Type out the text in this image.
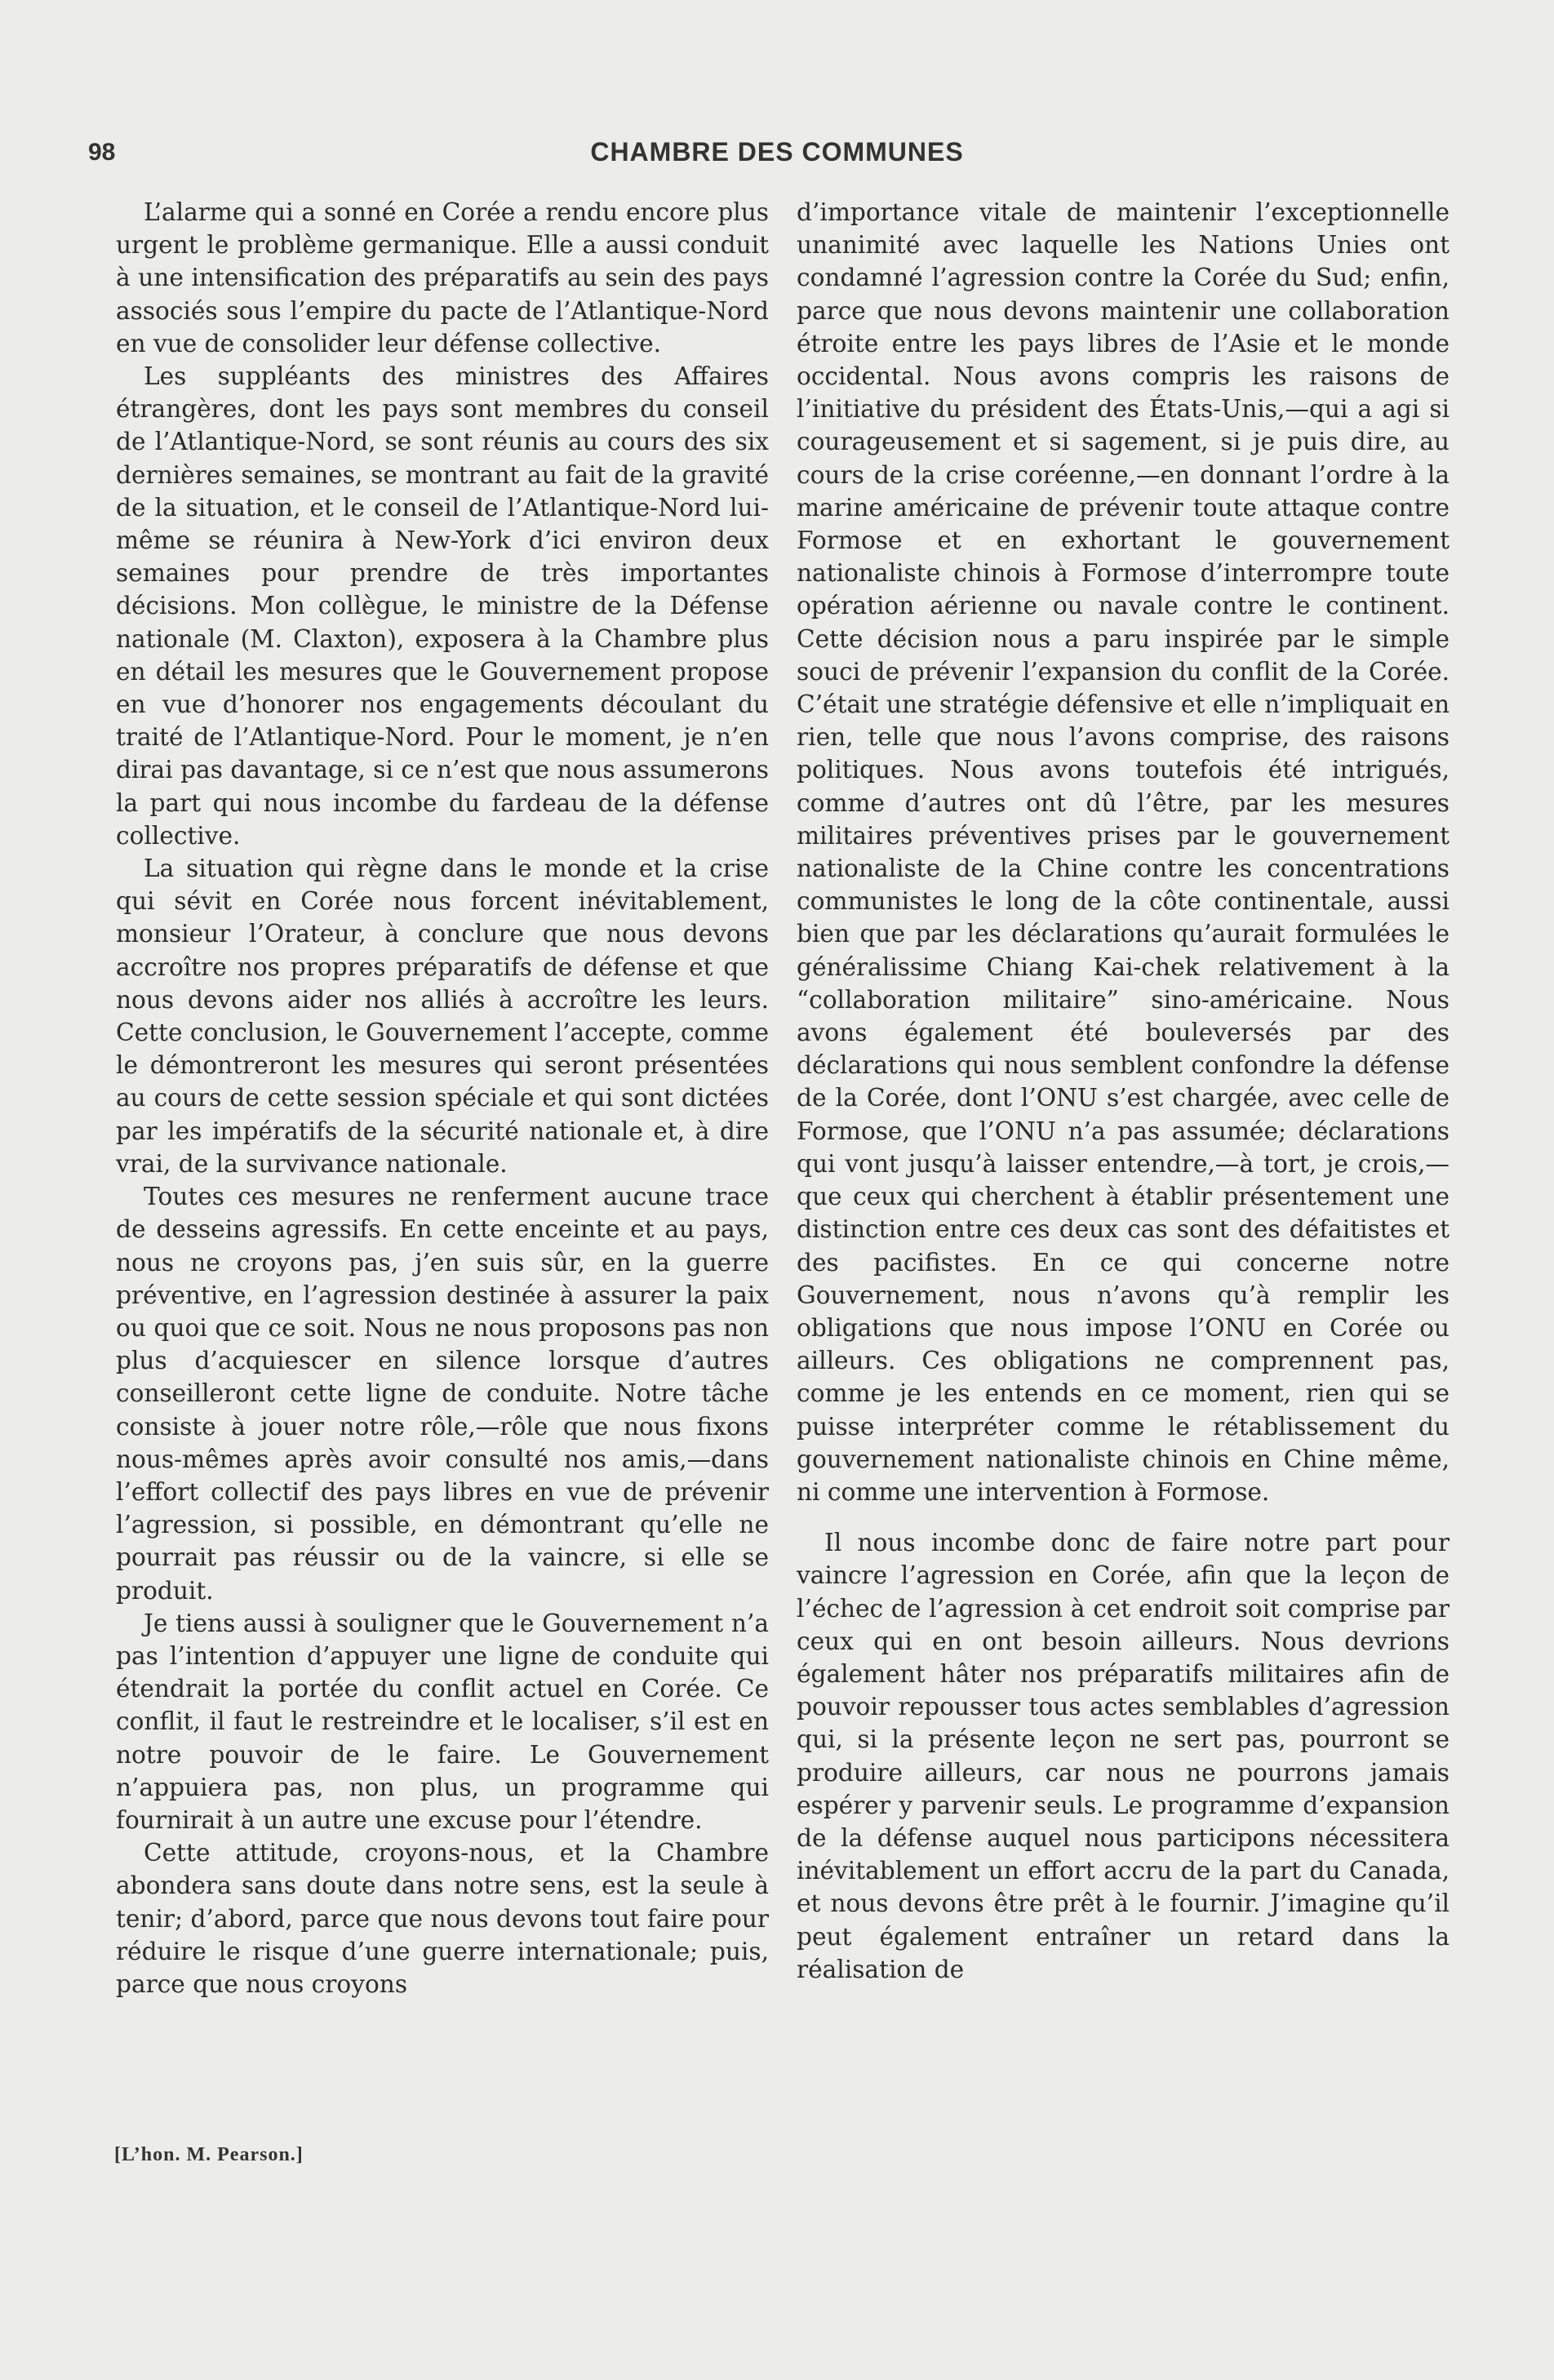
98	CHAMBRE DES COMMUNES

L’alarme qui a sonné en Corée a rendu encore plus urgent le problème germanique. Elle a aussi conduit à une intensification des préparatifs au sein des pays associés sous l’empire du pacte de l’Atlantique-Nord en vue de consolider leur défense collective.

Les suppléants des ministres des Affaires étrangères, dont les pays sont membres du conseil de l’Atlantique-Nord, se sont réunis au cours des six dernières semaines, se montrant au fait de la gravité de la situation, et le conseil de l’Atlantique-Nord lui-même se réunira à New-York d’ici environ deux semaines pour prendre de très importantes décisions. Mon collègue, le ministre de la Défense nationale (M. Claxton), exposera à la Chambre plus en détail les mesures que le Gouvernement propose en vue d’honorer nos engagements découlant du traité de l’Atlantique-Nord. Pour le moment, je n’en dirai pas davantage, si ce n’est que nous assumerons la part qui nous incombe du fardeau de la défense collective.

La situation qui règne dans le monde et la crise qui sévit en Corée nous forcent inévitablement, monsieur l’Orateur, à conclure que nous devons accroître nos propres préparatifs de défense et que nous devons aider nos alliés à accroître les leurs. Cette conclusion, le Gouvernement l’accepte, comme le démontreront les mesures qui seront présentées au cours de cette session spéciale et qui sont dictées par les impératifs de la sécurité nationale et, à dire vrai, de la survivance nationale.

Toutes ces mesures ne renferment aucune trace de desseins agressifs. En cette enceinte et au pays, nous ne croyons pas, j’en suis sûr, en la guerre préventive, en l’agression destinée à assurer la paix ou quoi que ce soit. Nous ne nous proposons pas non plus d’acquiescer en silence lorsque d’autres conseilleront cette ligne de conduite. Notre tâche consiste à jouer notre rôle,—rôle que nous fixons nous-mêmes après avoir consulté nos amis,—dans l’effort collectif des pays libres en vue de prévenir l’agression, si possible, en démontrant qu’elle ne pourrait pas réussir ou de la vaincre, si elle se produit.

Je tiens aussi à souligner que le Gouvernement n’a pas l’intention d’appuyer une ligne de conduite qui étendrait la portée du conflit actuel en Corée. Ce conflit, il faut le restreindre et le localiser, s’il est en notre pouvoir de le faire. Le Gouvernement n’appuiera pas, non plus, un programme qui fournirait à un autre une excuse pour l’étendre.

Cette attitude, croyons-nous, et la Chambre abondera sans doute dans notre sens, est la seule à tenir; d’abord, parce que nous devons tout faire pour réduire le risque d’une guerre internationale; puis, parce que nous croyons

d’importance vitale de maintenir l’exceptionnelle unanimité avec laquelle les Nations Unies ont condamné l’agression contre la Corée du Sud; enfin, parce que nous devons maintenir une collaboration étroite entre les pays libres de l’Asie et le monde occidental. Nous avons compris les raisons de l’initiative du président des États-Unis,—qui a agi si courageusement et si sagement, si je puis dire, au cours de la crise coréenne,—en donnant l’ordre à la marine américaine de prévenir toute attaque contre Formose et en exhortant le gouvernement nationaliste chinois à Formose d’interrompre toute opération aérienne ou navale contre le continent. Cette décision nous a paru inspirée par le simple souci de prévenir l’expansion du conflit de la Corée. C’était une stratégie défensive et elle n’impliquait en rien, telle que nous l’avons comprise, des raisons politiques. Nous avons toutefois été intrigués, comme d’autres ont dû l’être, par les mesures militaires préventives prises par le gouvernement nationaliste de la Chine contre les concentrations communistes le long de la côte continentale, aussi bien que par les déclarations qu’aurait formulées le généralissime Chiang Kai-chek relativement à la “collaboration militaire” sino-américaine. Nous avons également été bouleversés par des déclarations qui nous semblent confondre la défense de la Corée, dont l’ONU s’est chargée, avec celle de Formose, que l’ONU n’a pas assumée; déclarations qui vont jusqu’à laisser entendre,—à tort, je crois,—que ceux qui cherchent à établir présentement une distinction entre ces deux cas sont des défaitistes et des pacifistes. En ce qui concerne notre Gouvernement, nous n’avons qu’à remplir les obligations que nous impose l’ONU en Corée ou ailleurs. Ces obligations ne comprennent pas, comme je les entends en ce moment, rien qui se puisse interpréter comme le rétablissement du gouvernement nationaliste chinois en Chine même, ni comme une intervention à Formose.

Il nous incombe donc de faire notre part pour vaincre l’agression en Corée, afin que la leçon de l’échec de l’agression à cet endroit soit comprise par ceux qui en ont besoin ailleurs. Nous devrions également hâter nos préparatifs militaires afin de pouvoir repousser tous actes semblables d’agression qui, si la présente leçon ne sert pas, pourront se produire ailleurs, car nous ne pourrons jamais espérer y parvenir seuls. Le programme d’expansion de la défense auquel nous participons nécessitera inévitablement un effort accru de la part du Canada, et nous devons être prêt à le fournir. J’imagine qu’il peut également entraîner un retard dans la réalisation de

[L’hon. M. Pearson.]
